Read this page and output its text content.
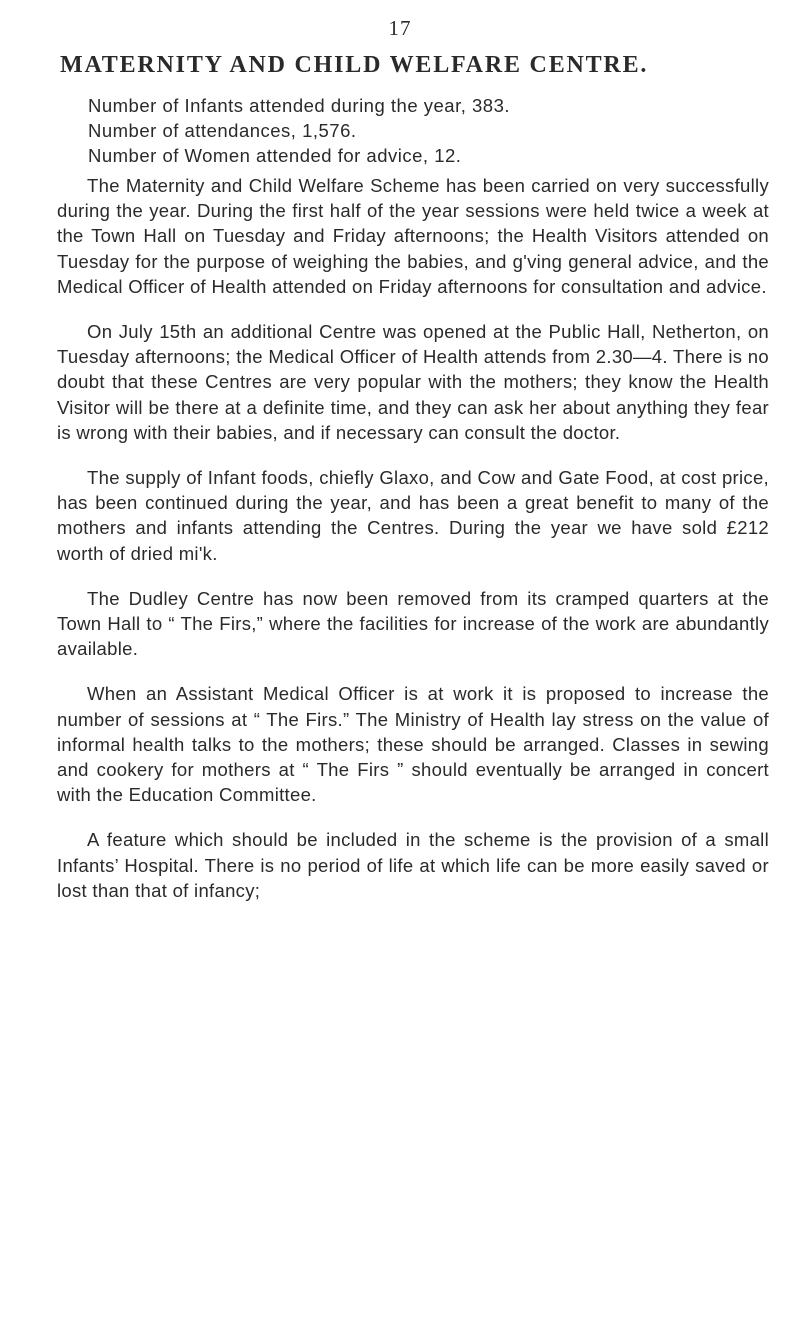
17
MATERNITY AND CHILD WELFARE CENTRE.
Number of Infants attended during the year, 383.
Number of attendances, 1,576.
Number of Women attended for advice, 12.

The Maternity and Child Welfare Scheme has been carried on very successfully during the year. During the first half of the year sessions were held twice a week at the Town Hall on Tuesday and Friday afternoons; the Health Visitors attended on Tuesday for the purpose of weighing the babies, and g'ving general advice, and the Medical Officer of Health attended on Friday afternoons for consultation and advice.

On July 15th an additional Centre was opened at the Public Hall, Netherton, on Tuesday afternoons; the Medical Officer of Health attends from 2.30—4. There is no doubt that these Centres are very popular with the mothers; they know the Health Visitor will be there at a definite time, and they can ask her about anything they fear is wrong with their babies, and if necessary can consult the doctor.

The supply of Infant foods, chiefly Glaxo, and Cow and Gate Food, at cost price, has been continued during the year, and has been a great benefit to many of the mothers and infants attending the Centres. During the year we have sold £212 worth of dried mi'k.

The Dudley Centre has now been removed from its cramped quarters at the Town Hall to “ The Firs,” where the facilities for increase of the work are abundantly available.

When an Assistant Medical Officer is at work it is proposed to increase the number of sessions at “ The Firs.” The Ministry of Health lay stress on the value of informal health talks to the mothers; these should be arranged. Classes in sewing and cookery for mothers at “ The Firs ” should eventually be arranged in concert with the Education Committee.

A feature which should be included in the scheme is the provision of a small Infants’ Hospital. There is no period of life at which life can be more easily saved or lost than that of infancy;
